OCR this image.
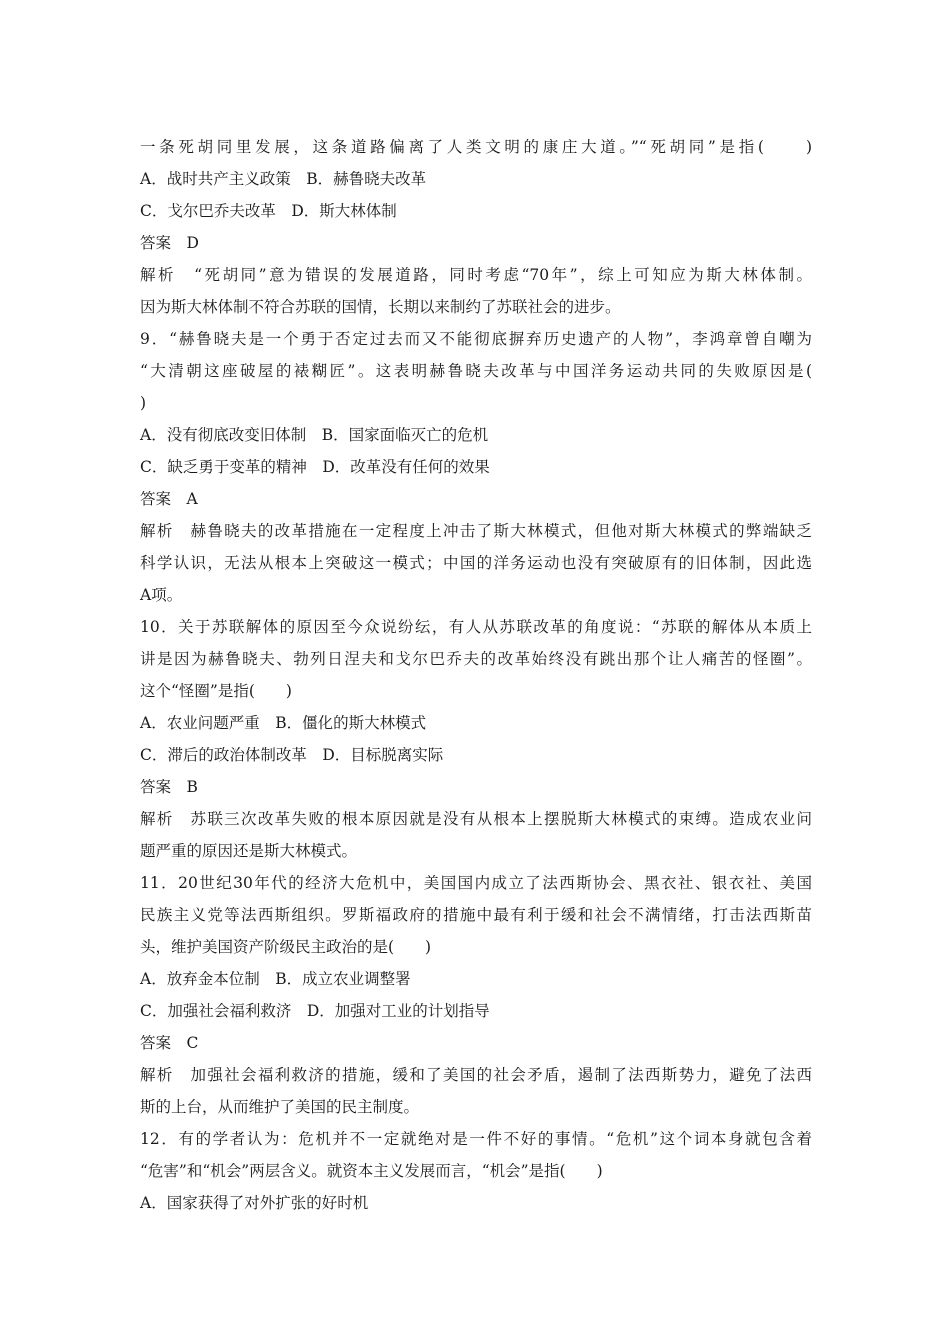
一条死胡同里发展，这条道路偏离了人类文明的康庄大道。”“死胡同”是指(　　)
A．战时共产主义政策　B．赫鲁晓夫改革
C．戈尔巴乔夫改革　D．斯大林体制
答案　D
解析　“死胡同”意为错误的发展道路，同时考虑“70年”，综上可知应为斯大林体制。
因为斯大林体制不符合苏联的国情，长期以来制约了苏联社会的进步。
9．“赫鲁晓夫是一个勇于否定过去而又不能彻底摒弃历史遗产的人物”，李鸿章曾自嘲为
“大清朝这座破屋的裱糊匠”。这表明赫鲁晓夫改革与中国洋务运动共同的失败原因是(
)
A．没有彻底改变旧体制　B．国家面临灭亡的危机
C．缺乏勇于变革的精神　D．改革没有任何的效果
答案　A
解析　赫鲁晓夫的改革措施在一定程度上冲击了斯大林模式，但他对斯大林模式的弊端缺乏
科学认识，无法从根本上突破这一模式；中国的洋务运动也没有突破原有的旧体制，因此选
A项。
10．关于苏联解体的原因至今众说纷纭，有人从苏联改革的角度说：“苏联的解体从本质上
讲是因为赫鲁晓夫、勃列日涅夫和戈尔巴乔夫的改革始终没有跳出那个让人痛苦的怪圈”。
这个“怪圈”是指(　　)
A．农业问题严重　B．僵化的斯大林模式
C．滞后的政治体制改革　D．目标脱离实际
答案　B
解析　苏联三次改革失败的根本原因就是没有从根本上摆脱斯大林模式的束缚。造成农业问
题严重的原因还是斯大林模式。
11．20世纪30年代的经济大危机中，美国国内成立了法西斯协会、黑衣社、银衣社、美国
民族主义党等法西斯组织。罗斯福政府的措施中最有利于缓和社会不满情绪，打击法西斯苗
头，维护美国资产阶级民主政治的是(　　)
A．放弃金本位制　B．成立农业调整署
C．加强社会福利救济　D．加强对工业的计划指导
答案　C
解析　加强社会福利救济的措施，缓和了美国的社会矛盾，遏制了法西斯势力，避免了法西
斯的上台，从而维护了美国的民主制度。
12．有的学者认为：危机并不一定就绝对是一件不好的事情。“危机”这个词本身就包含着
“危害”和“机会”两层含义。就资本主义发展而言，“机会”是指(　　)
A．国家获得了对外扩张的好时机
